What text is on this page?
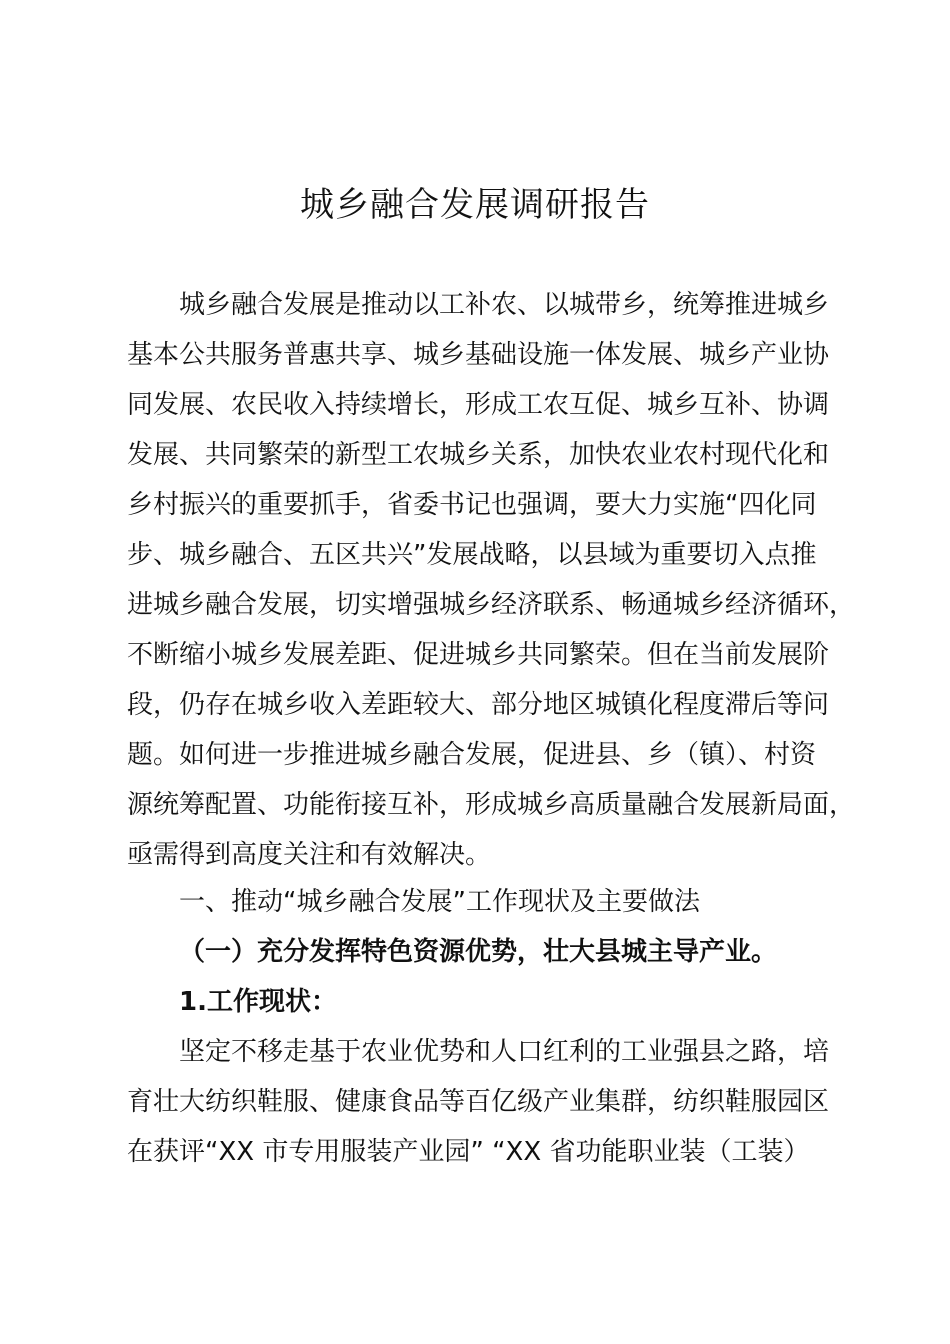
城乡融合发展调研报告

城乡融合发展是推动以工补农、以城带乡，统筹推进城乡
基本公共服务普惠共享、城乡基础设施一体发展、城乡产业协
同发展、农民收入持续增长，形成工农互促、城乡互补、协调
发展、共同繁荣的新型工农城乡关系，加快农业农村现代化和
乡村振兴的重要抓手，省委书记也强调，要大力实施“四化同
步、城乡融合、五区共兴”发展战略，以县域为重要切入点推
进城乡融合发展，切实增强城乡经济联系、畅通城乡经济循环，
不断缩小城乡发展差距、促进城乡共同繁荣。但在当前发展阶
段，仍存在城乡收入差距较大、部分地区城镇化程度滞后等问
题。如何进一步推进城乡融合发展，促进县、乡（镇）、村资
源统筹配置、功能衔接互补，形成城乡高质量融合发展新局面，
亟需得到高度关注和有效解决。

一、推动“城乡融合发展”工作现状及主要做法
（一）充分发挥特色资源优势，壮大县城主导产业。
1.工作现状：

坚定不移走基于农业优势和人口红利的工业强县之路，培
育壮大纺织鞋服、健康食品等百亿级产业集群，纺织鞋服园区
在获评“XX 市专用服装产业园” “XX 省功能职业装（工装）
